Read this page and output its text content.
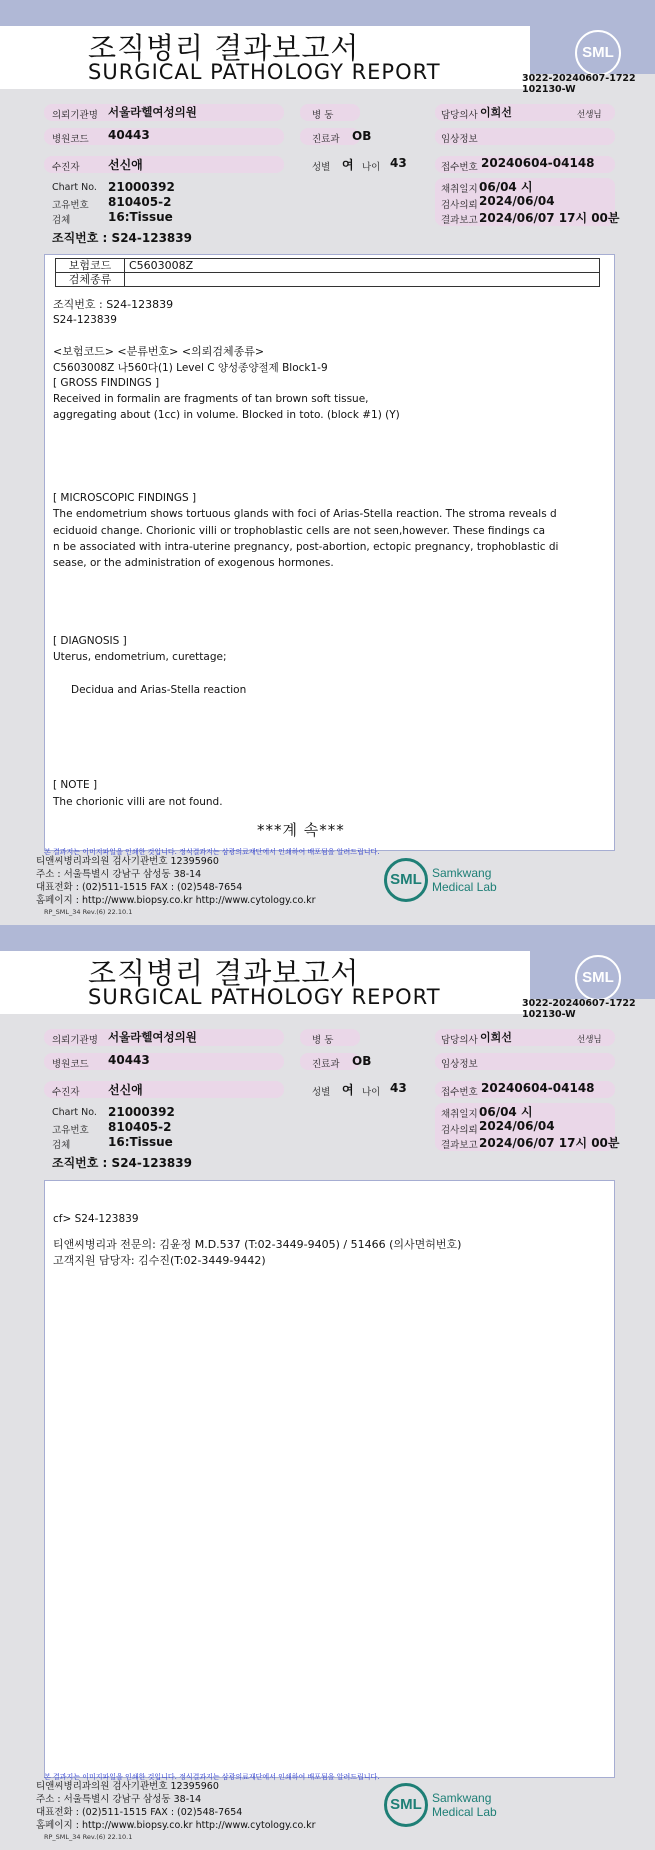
조직병리 결과보고서
SURGICAL PATHOLOGY REPORT
SML
3022-20240607-1722
102130-W
의뢰기관명 서울라헬여성의원
병원코드 40443
수진자 선신애
Chart No. 21000392
고유번호 810405-2
검체	16:Tissue
병 동
진료과 OB
성별 여 나이 43
담당의사 이희선	선생님
임상정보
접수번호 20240604-04148
채취일지 06/04 시
검사의뢰 2024/06/04
결과보고 2024/06/07 17시 00분
조직번호 : S24-123839
보험코드	C5603008Z
검체종류	
조직번호 : S24-123839
S24-123839
<보험코드> <분류번호> <의뢰검체종류>
C5603008Z 나560다(1) Level C 양성종양절제 Block1-9
[ GROSS FINDINGS ]
Received in formalin are fragments of tan brown soft tissue,
aggregating about (1cc) in volume. Blocked in toto. (block #1) (Y)
[ MICROSCOPIC FINDINGS ]
The endometrium shows tortuous glands with foci of Arias-Stella reaction. The stroma reveals d
eciduoid change. Chorionic villi or trophoblastic cells are not seen,however. These findings ca
n be associated with intra-uterine pregnancy, post-abortion, ectopic pregnancy, trophoblastic di
sease, or the administration of exogenous hormones.
[ DIAGNOSIS ]
Uterus, endometrium, curettage;
Decidua and Arias-Stella reaction
[ NOTE ]
The chorionic villi are not found.
***계 속***
본 결과지는 이미지파일을 인쇄한 것입니다. 정식결과지는 삼광의료재단에서 인쇄하여 배포됨을 알려드립니다.
티앤씨병리과의원 검사기관번호 12395960
주소 : 서울특별시 강남구 삼성동 38-14
대표전화 : (02)511-1515 FAX : (02)548-7654
홈페이지 : http://www.biopsy.co.kr http://www.cytology.co.kr
RP_SML_34 Rev.(6) 22.10.1
SML Samkwang
Medical Lab
조직병리 결과보고서
SURGICAL PATHOLOGY REPORT
SML
3022-20240607-1722
102130-W
의뢰기관명 서울라헬여성의원
병원코드 40443
수진자 선신애
Chart No. 21000392
고유번호 810405-2
검체	16:Tissue
병 동
진료과 OB
성별 여 나이 43
담당의사 이희선	선생님
임상정보
접수번호 20240604-04148
채취일지 06/04 시
검사의뢰 2024/06/04
결과보고 2024/06/07 17시 00분
조직번호 : S24-123839
cf> S24-123839
티앤씨병리과 전문의: 김윤정 M.D.537 (T:02-3449-9405) / 51466 (의사면허번호)
고객지원 담당자: 김수진(T:02-3449-9442)
본 결과지는 이미지파일을 인쇄한 것입니다. 정식결과지는 삼광의료재단에서 인쇄하여 배포됨을 알려드립니다.
티앤씨병리과의원 검사기관번호 12395960
주소 : 서울특별시 강남구 삼성동 38-14
대표전화 : (02)511-1515 FAX : (02)548-7654
홈페이지 : http://www.biopsy.co.kr http://www.cytology.co.kr
RP_SML_34 Rev.(6) 22.10.1
SML Samkwang
Medical Lab
